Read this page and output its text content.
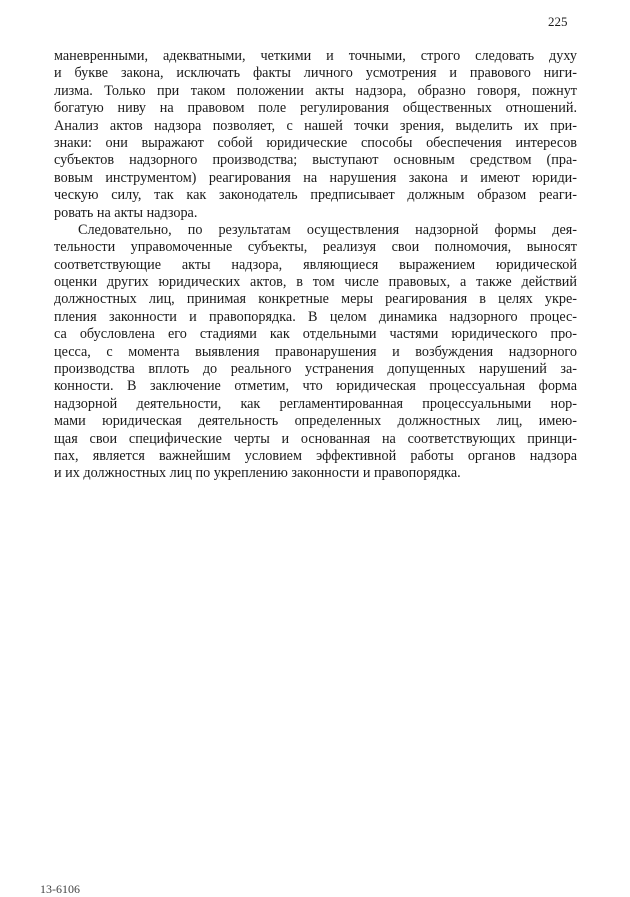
225
маневренными, адекватными, четкими и точными, строго следовать духу
и букве закона, исключать факты личного усмотрения и правового ниги-
лизма. Только при таком положении акты надзора, образно говоря, пожнут
богатую ниву на правовом поле регулирования общественных отношений.
Анализ актов надзора позволяет, с нашей точки зрения, выделить их при-
знаки: они выражают собой юридические способы обеспечения интересов
субъектов надзорного производства; выступают основным средством (пра-
вовым инструментом) реагирования на нарушения закона и имеют юриди-
ческую силу, так как законодатель предписывает должным образом реаги-
ровать на акты надзора.
Следовательно, по результатам осуществления надзорной формы дея-
тельности управомоченные субъекты, реализуя свои полномочия, выносят
соответствующие акты надзора, являющиеся выражением юридической
оценки других юридических актов, в том числе правовых, а также действий
должностных лиц, принимая конкретные меры реагирования в целях укре-
пления законности и правопорядка. В целом динамика надзорного процес-
са обусловлена его стадиями как отдельными частями юридического про-
цесса, с момента выявления правонарушения и возбуждения надзорного
производства вплоть до реального устранения допущенных нарушений за-
конности. В заключение отметим, что юридическая процессуальная форма
надзорной деятельности, как регламентированная процессуальными нор-
мами юридическая деятельность определенных должностных лиц, имею-
щая свои специфические черты и основанная на соответствующих принци-
пах, является важнейшим условием эффективной работы органов надзора
и их должностных лиц по укреплению законности и правопорядка.
13-6106
